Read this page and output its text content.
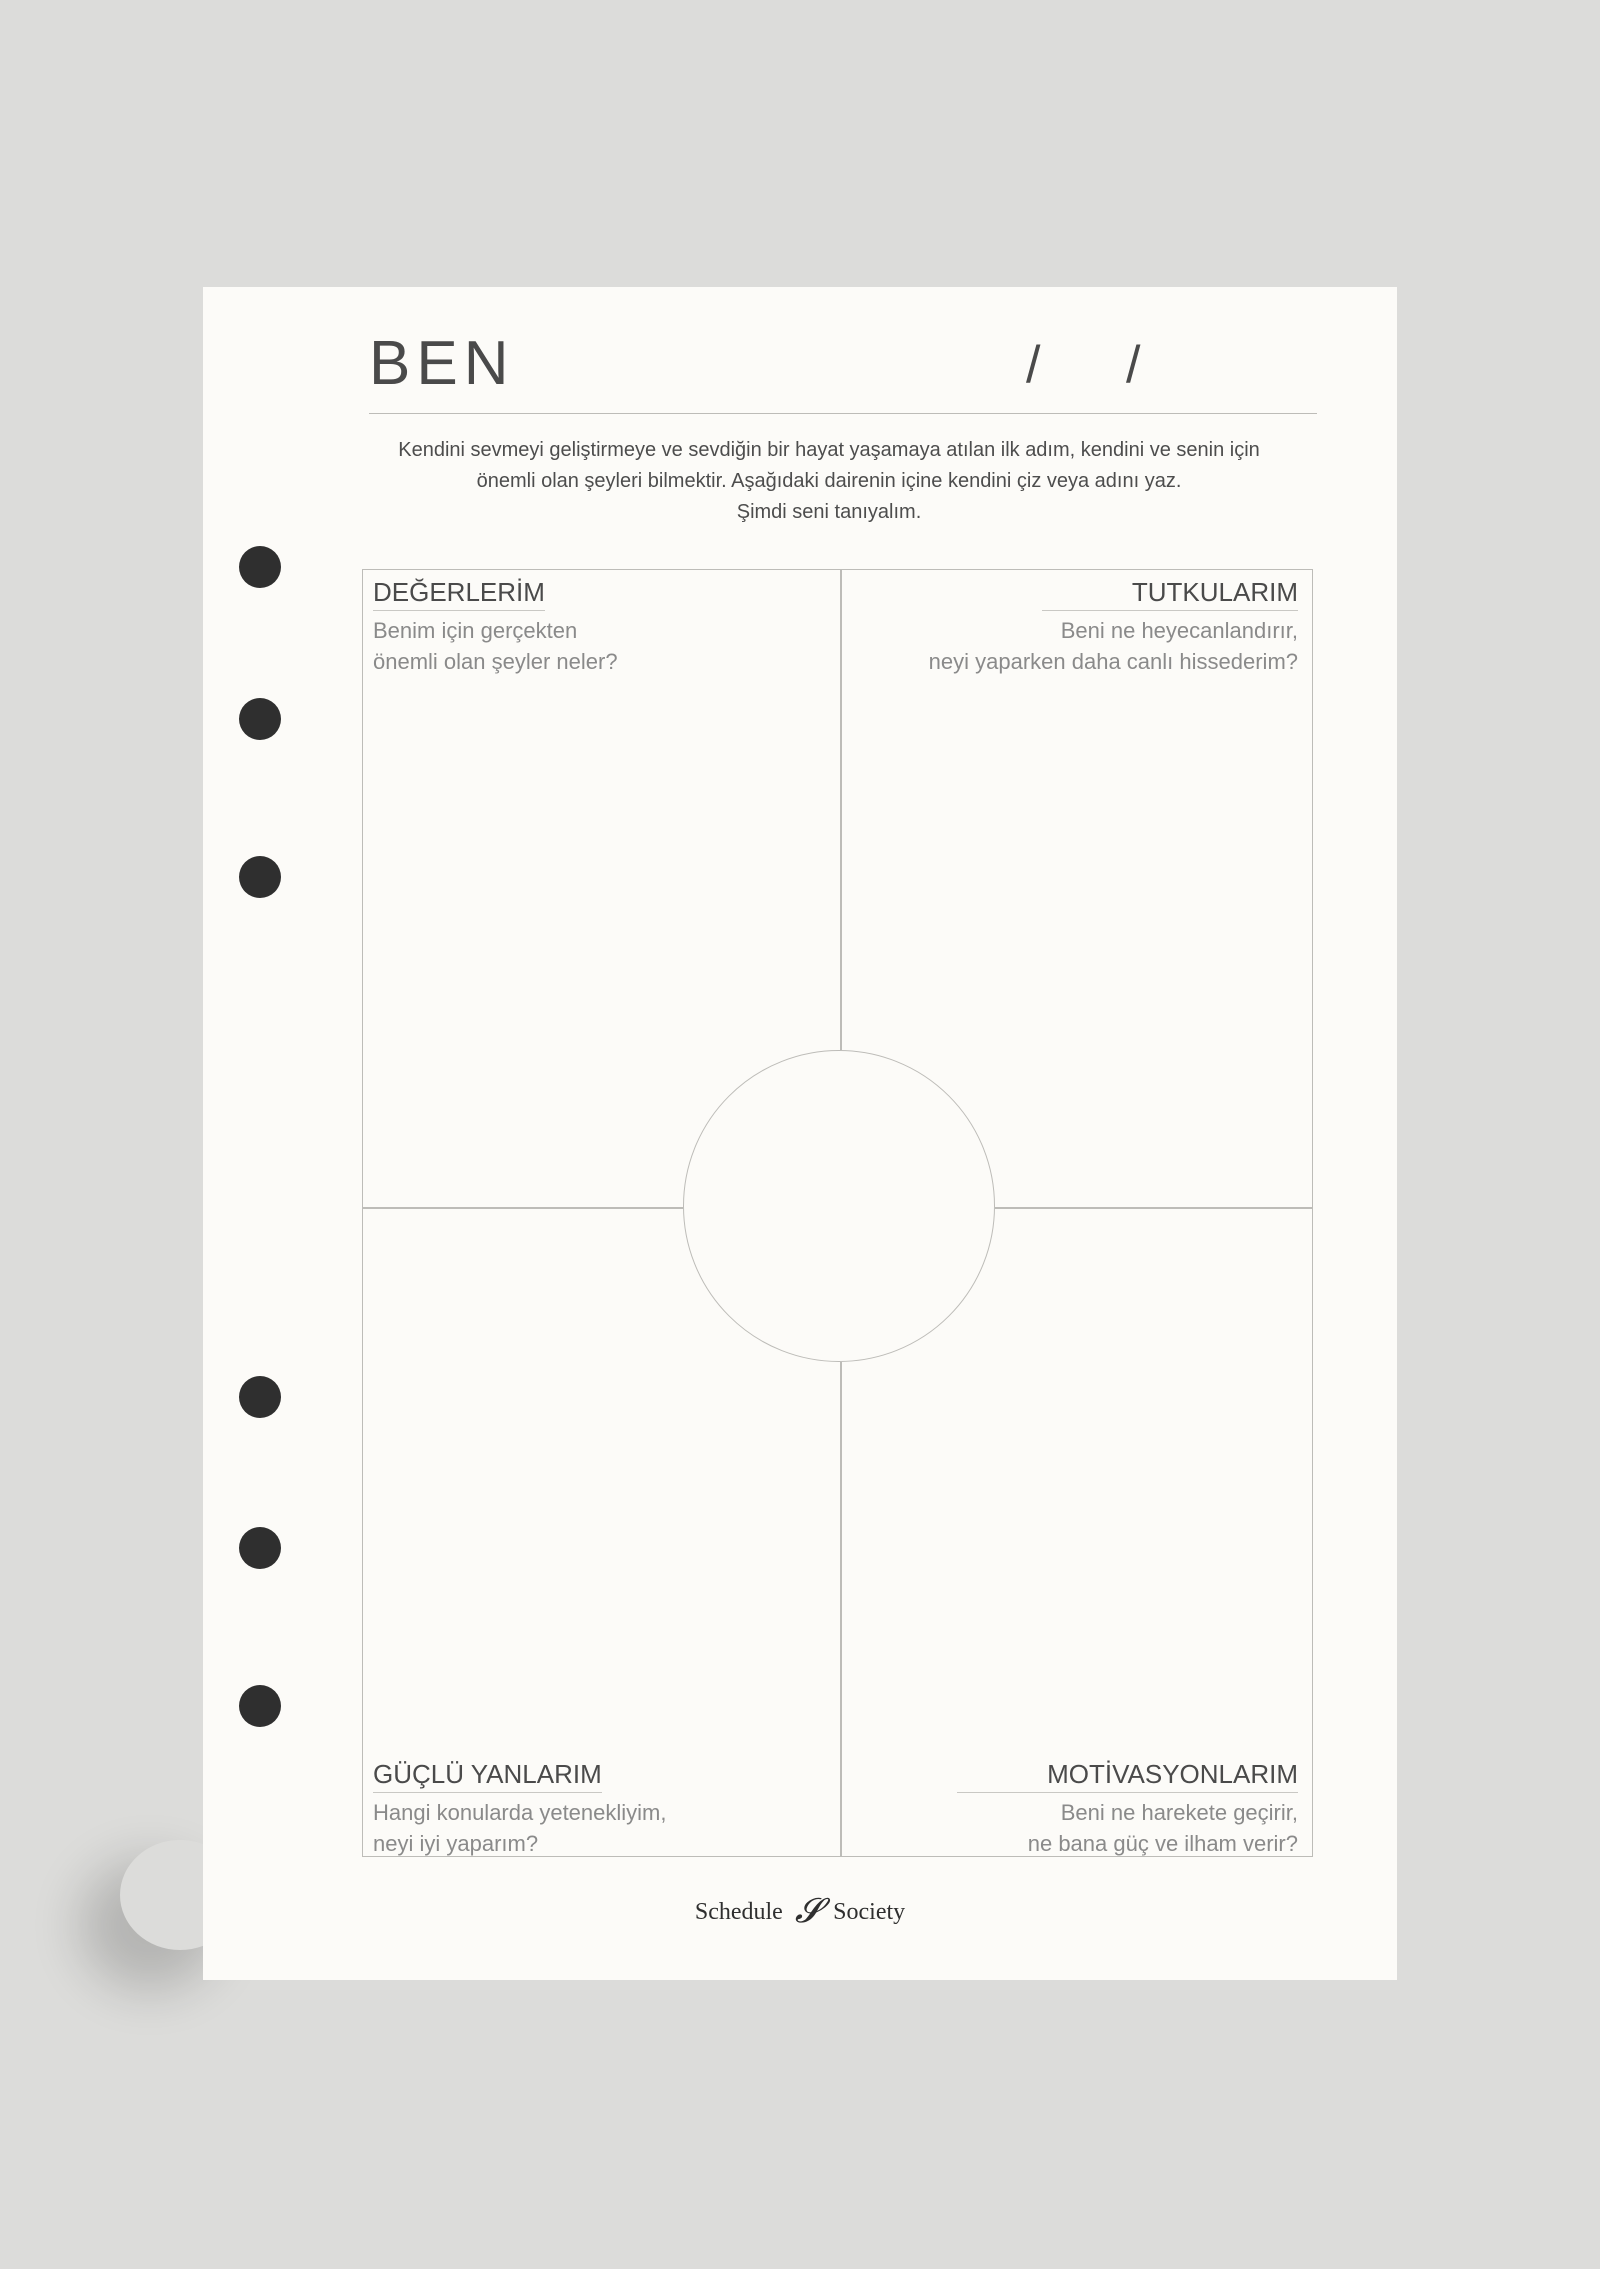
BEN	/ /
Kendini sevmeyi geliştirmeye ve sevdiğin bir hayat yaşamaya atılan ilk adım, kendini ve senin için
önemli olan şeyleri bilmektir. Aşağıdaki dairenin içine kendini çiz veya adını yaz.
Şimdi seni tanıyalım.
DEĞERLERİM
Benim için gerçekten
önemli olan şeyler neler?
TUTKULARIM
Beni ne heyecanlandırır,
neyi yaparken daha canlı hissederim?
GÜÇLÜ YANLARIM
Hangi konularda yetenekliyim,
neyi iyi yaparım?
MOTİVASYONLARIM
Beni ne harekete geçirir,
ne bana güç ve ilham verir?
Schedule 𝓢 Society
